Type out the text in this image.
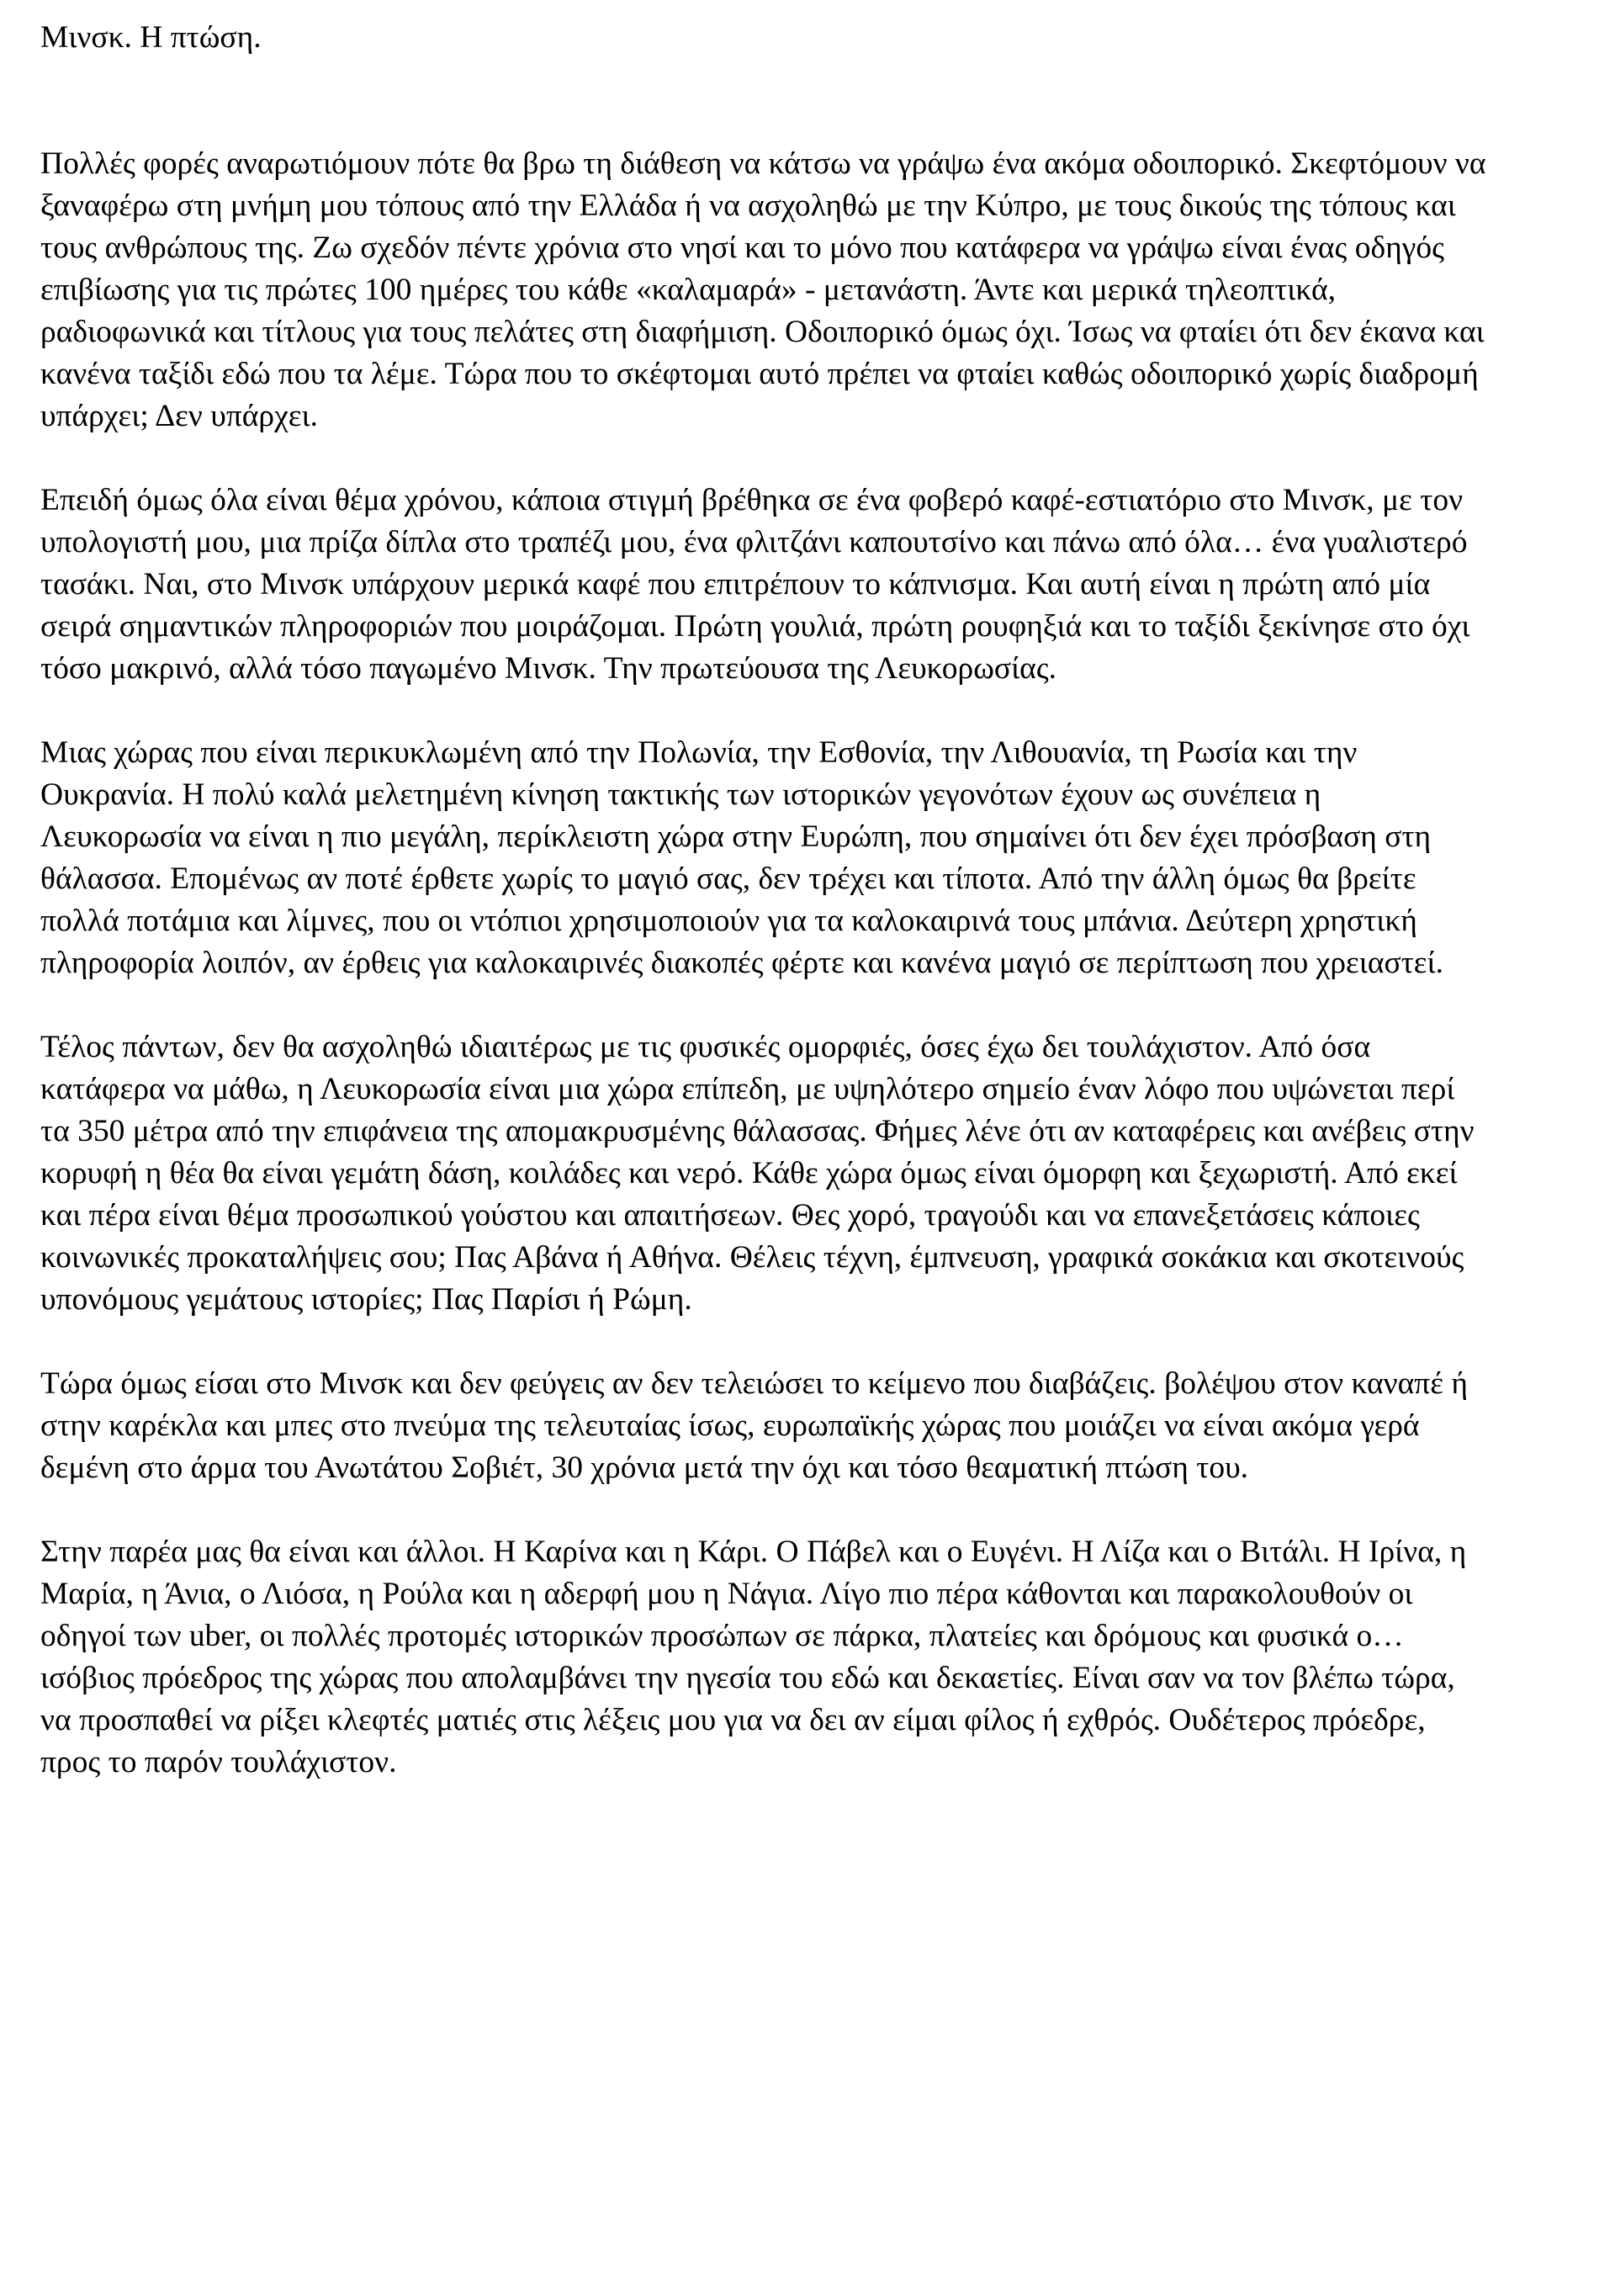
Μινσκ. Η πτώση.

Πολλές φορές αναρωτιόμουν πότε θα βρω τη διάθεση να κάτσω να γράψω ένα ακόμα οδοιπορικό. Σκεφτόμουν να ξαναφέρω στη μνήμη μου τόπους από την Ελλάδα ή να ασχοληθώ με την Κύπρο, με τους δικούς της τόπους και τους ανθρώπους της. Ζω σχεδόν πέντε χρόνια στο νησί και το μόνο που κατάφερα να γράψω είναι ένας οδηγός επιβίωσης για τις πρώτες 100 ημέρες του κάθε «καλαμαρά» - μετανάστη. Άντε και μερικά τηλεοπτικά, ραδιοφωνικά και τίτλους για τους πελάτες στη διαφήμιση. Οδοιπορικό όμως όχι. Ίσως να φταίει ότι δεν έκανα και κανένα ταξίδι εδώ που τα λέμε. Τώρα που το σκέφτομαι αυτό πρέπει να φταίει καθώς οδοιπορικό χωρίς διαδρομή υπάρχει; Δεν υπάρχει.

Επειδή όμως όλα είναι θέμα χρόνου, κάποια στιγμή βρέθηκα σε ένα φοβερό καφέ-εστιατόριο στο Μινσκ, με τον υπολογιστή μου, μια πρίζα δίπλα στο τραπέζι μου, ένα φλιτζάνι καπουτσίνο και πάνω από όλα… ένα γυαλιστερό τασάκι. Ναι, στο Μινσκ υπάρχουν μερικά καφέ που επιτρέπουν το κάπνισμα. Και αυτή είναι η πρώτη από μία σειρά σημαντικών πληροφοριών που μοιράζομαι. Πρώτη γουλιά, πρώτη ρουφηξιά και το ταξίδι ξεκίνησε στο όχι τόσο μακρινό, αλλά τόσο παγωμένο Μινσκ. Την πρωτεύουσα της Λευκορωσίας.

Μιας χώρας που είναι περικυκλωμένη από την Πολωνία, την Εσθονία, την Λιθουανία, τη Ρωσία και την Ουκρανία. Η πολύ καλά μελετημένη κίνηση τακτικής των ιστορικών γεγονότων έχουν ως συνέπεια η Λευκορωσία να είναι η πιο μεγάλη, περίκλειστη χώρα στην Ευρώπη, που σημαίνει ότι δεν έχει πρόσβαση στη θάλασσα. Επομένως αν ποτέ έρθετε χωρίς το μαγιό σας, δεν τρέχει και τίποτα. Από την άλλη όμως θα βρείτε πολλά ποτάμια και λίμνες, που οι ντόπιοι χρησιμοποιούν για τα καλοκαιρινά τους μπάνια. Δεύτερη χρηστική πληροφορία λοιπόν, αν έρθεις για καλοκαιρινές διακοπές φέρτε και κανένα μαγιό σε περίπτωση που χρειαστεί.

Τέλος πάντων, δεν θα ασχοληθώ ιδιαιτέρως με τις φυσικές ομορφιές, όσες έχω δει τουλάχιστον. Από όσα κατάφερα να μάθω, η Λευκορωσία είναι μια χώρα επίπεδη, με υψηλότερο σημείο έναν λόφο που υψώνεται περί τα 350 μέτρα από την επιφάνεια της απομακρυσμένης θάλασσας. Φήμες λένε ότι αν καταφέρεις και ανέβεις στην κορυφή η θέα θα είναι γεμάτη δάση, κοιλάδες και νερό. Κάθε χώρα όμως είναι όμορφη και ξεχωριστή. Από εκεί και πέρα είναι θέμα προσωπικού γούστου και απαιτήσεων. Θες χορό, τραγούδι και να επανεξετάσεις κάποιες κοινωνικές προκαταλήψεις σου; Πας Αβάνα ή Αθήνα. Θέλεις τέχνη, έμπνευση, γραφικά σοκάκια και σκοτεινούς υπονόμους γεμάτους ιστορίες; Πας Παρίσι ή Ρώμη.

Τώρα όμως είσαι στο Μινσκ και δεν φεύγεις αν δεν τελειώσει το κείμενο που διαβάζεις. βολέψου στον καναπέ ή στην καρέκλα και μπες στο πνεύμα της τελευταίας ίσως, ευρωπαϊκής χώρας που μοιάζει να είναι ακόμα γερά δεμένη στο άρμα του Ανωτάτου Σοβιέτ, 30 χρόνια μετά την όχι και τόσο θεαματική πτώση του.

Στην παρέα μας θα είναι και άλλοι. Η Καρίνα και η Κάρι. Ο Πάβελ και ο Ευγένι. Η Λίζα και ο Βιτάλι. Η Ιρίνα, η Μαρία, η Άνια, ο Λιόσα, η Ρούλα και η αδερφή μου η Νάγια. Λίγο πιο πέρα κάθονται και παρακολουθούν οι οδηγοί των uber, οι πολλές προτομές ιστορικών προσώπων σε πάρκα, πλατείες και δρόμους και φυσικά ο… ισόβιος πρόεδρος της χώρας που απολαμβάνει την ηγεσία του εδώ και δεκαετίες. Είναι σαν να τον βλέπω τώρα, να προσπαθεί να ρίξει κλεφτές ματιές στις λέξεις μου για να δει αν είμαι φίλος ή εχθρός. Ουδέτερος πρόεδρε, προς το παρόν τουλάχιστον.
